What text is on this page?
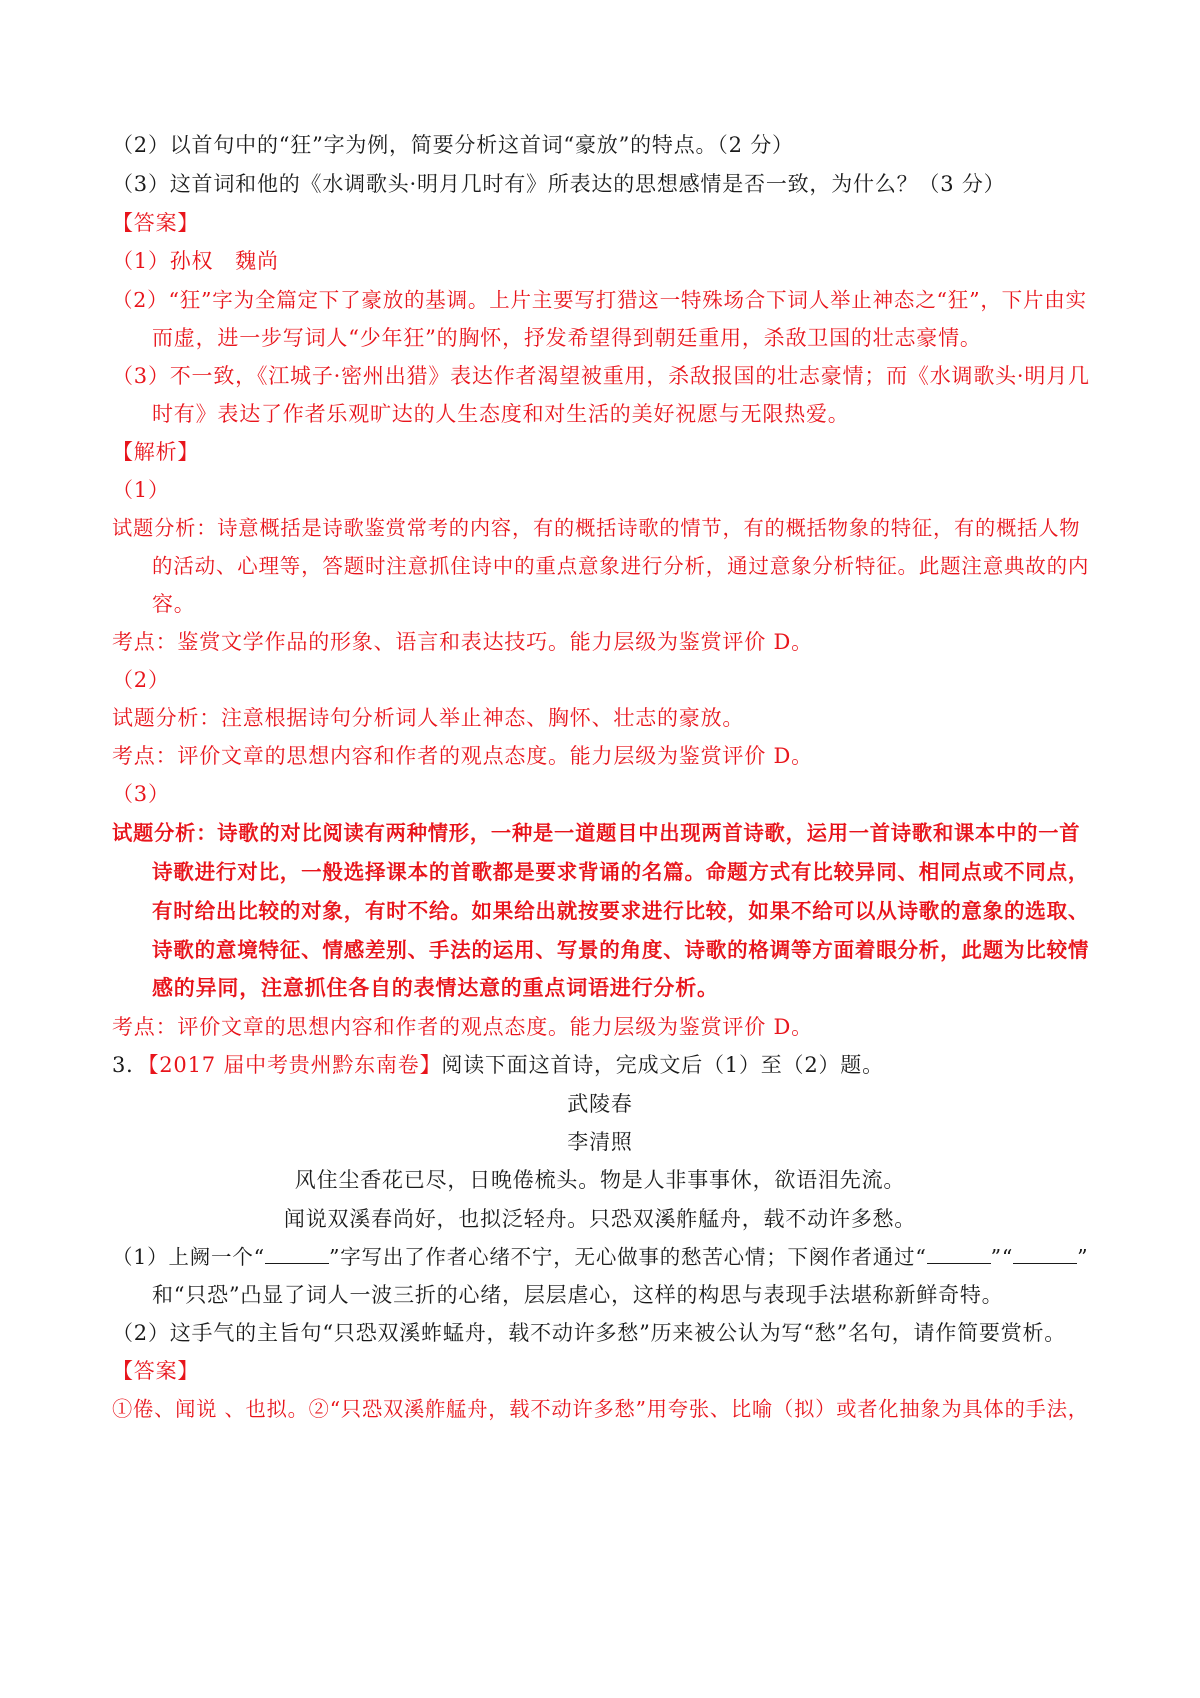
（2）以首句中的“狂”字为例，简要分析这首词“豪放”的特点。（2 分）
（3）这首词和他的《水调歌头·明月几时有》所表达的思想感情是否一致，为什么？（3 分）
【答案】
（1）孙权　魏尚
（2）“狂”字为全篇定下了豪放的基调。上片主要写打猎这一特殊场合下词人举止神态之“狂”，下片由实
而虚，进一步写词人“少年狂”的胸怀，抒发希望得到朝廷重用，杀敌卫国的壮志豪情。
（3）不一致，《江城子·密州出猎》表达作者渴望被重用，杀敌报国的壮志豪情；而《水调歌头·明月几
时有》表达了作者乐观旷达的人生态度和对生活的美好祝愿与无限热爱。
【解析】
（1）
试题分析：诗意概括是诗歌鉴赏常考的内容，有的概括诗歌的情节，有的概括物象的特征，有的概括人物
的活动、心理等，答题时注意抓住诗中的重点意象进行分析，通过意象分析特征。此题注意典故的内
容。
考点：鉴赏文学作品的形象、语言和表达技巧。能力层级为鉴赏评价 D。
（2）
试题分析：注意根据诗句分析词人举止神态、胸怀、壮志的豪放。
考点：评价文章的思想内容和作者的观点态度。能力层级为鉴赏评价 D。
（3）
试题分析：诗歌的对比阅读有两种情形，一种是一道题目中出现两首诗歌，运用一首诗歌和课本中的一首
诗歌进行对比，一般选择课本的首歌都是要求背诵的名篇。命题方式有比较异同、相同点或不同点，
有时给出比较的对象，有时不给。如果给出就按要求进行比较，如果不给可以从诗歌的意象的选取、
诗歌的意境特征、情感差别、手法的运用、写景的角度、诗歌的格调等方面着眼分析，此题为比较情
感的异同，注意抓住各自的表情达意的重点词语进行分析。
考点：评价文章的思想内容和作者的观点态度。能力层级为鉴赏评价 D。
3．【2017 届中考贵州黔东南卷】阅读下面这首诗，完成文后（1）至（2）题。
武陵春
李清照
风住尘香花已尽，日晚倦梳头。物是人非事事休，欲语泪先流。
闻说双溪春尚好，也拟泛轻舟。只恐双溪舴艋舟，载不动许多愁。
（1）上阙一个“	”字写出了作者心绪不宁，无心做事的愁苦心情；下阕作者通过“	”“	”
和“只恐”凸显了词人一波三折的心绪，层层虐心，这样的构思与表现手法堪称新鲜奇特。
（2）这手气的主旨句“只恐双溪蚱蜢舟，载不动许多愁”历来被公认为写“愁”名句，请作简要赏析。
【答案】
①倦、闻说 、也拟。②“只恐双溪舴艋舟，载不动许多愁”用夸张、比喻（拟）或者化抽象为具体的手法，
